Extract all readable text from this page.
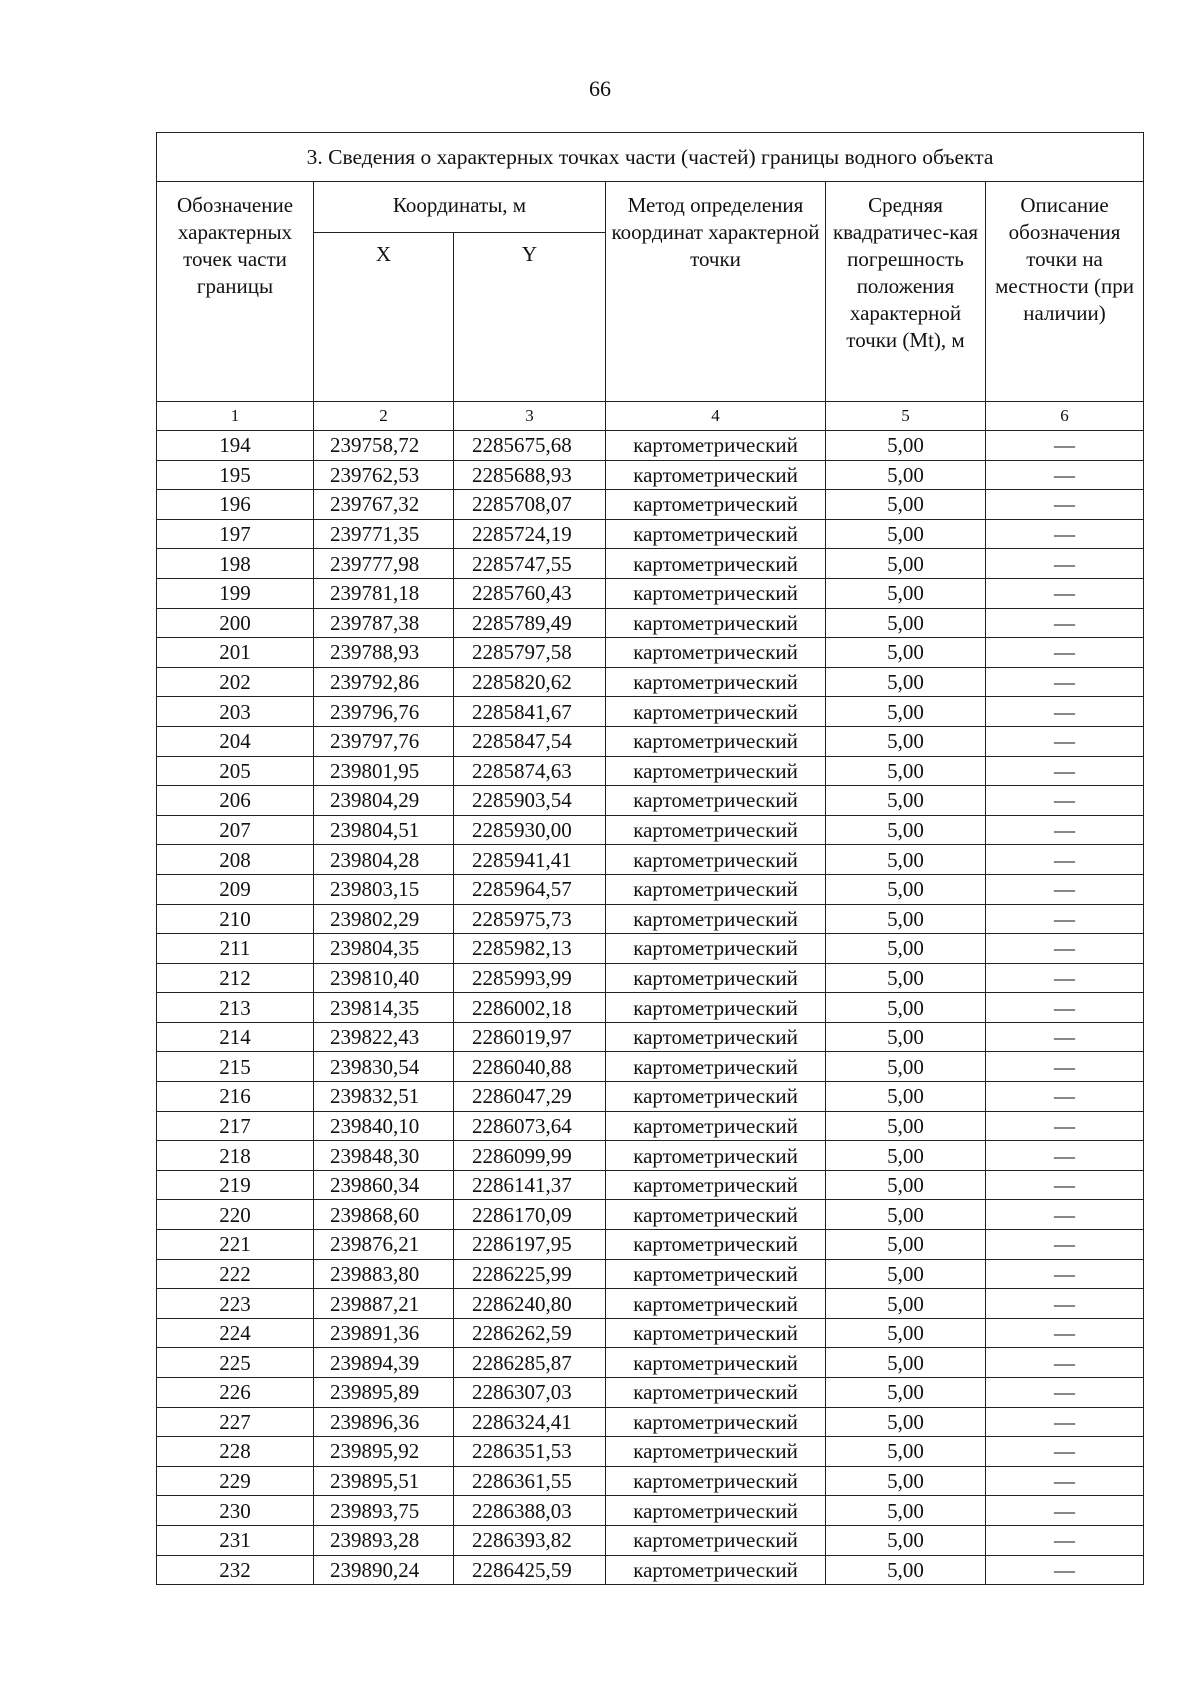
66
3. Сведения о характерных точках части (частей) границы водного объекта					
Обозначение характерных точек части границы	Координаты, м		Метод определения координат характерной точки	Средняя квадратичес-кая погрешность положения характерной точки (Mt), м	Описание обозначения точки на местности (при наличии)
	X	Y			
1	2	3	4	5	6
194	239758,72	2285675,68	картометрический	5,00	—
195	239762,53	2285688,93	картометрический	5,00	—
196	239767,32	2285708,07	картометрический	5,00	—
197	239771,35	2285724,19	картометрический	5,00	—
198	239777,98	2285747,55	картометрический	5,00	—
199	239781,18	2285760,43	картометрический	5,00	—
200	239787,38	2285789,49	картометрический	5,00	—
201	239788,93	2285797,58	картометрический	5,00	—
202	239792,86	2285820,62	картометрический	5,00	—
203	239796,76	2285841,67	картометрический	5,00	—
204	239797,76	2285847,54	картометрический	5,00	—
205	239801,95	2285874,63	картометрический	5,00	—
206	239804,29	2285903,54	картометрический	5,00	—
207	239804,51	2285930,00	картометрический	5,00	—
208	239804,28	2285941,41	картометрический	5,00	—
209	239803,15	2285964,57	картометрический	5,00	—
210	239802,29	2285975,73	картометрический	5,00	—
211	239804,35	2285982,13	картометрический	5,00	—
212	239810,40	2285993,99	картометрический	5,00	—
213	239814,35	2286002,18	картометрический	5,00	—
214	239822,43	2286019,97	картометрический	5,00	—
215	239830,54	2286040,88	картометрический	5,00	—
216	239832,51	2286047,29	картометрический	5,00	—
217	239840,10	2286073,64	картометрический	5,00	—
218	239848,30	2286099,99	картометрический	5,00	—
219	239860,34	2286141,37	картометрический	5,00	—
220	239868,60	2286170,09	картометрический	5,00	—
221	239876,21	2286197,95	картометрический	5,00	—
222	239883,80	2286225,99	картометрический	5,00	—
223	239887,21	2286240,80	картометрический	5,00	—
224	239891,36	2286262,59	картометрический	5,00	—
225	239894,39	2286285,87	картометрический	5,00	—
226	239895,89	2286307,03	картометрический	5,00	—
227	239896,36	2286324,41	картометрический	5,00	—
228	239895,92	2286351,53	картометрический	5,00	—
229	239895,51	2286361,55	картометрический	5,00	—
230	239893,75	2286388,03	картометрический	5,00	—
231	239893,28	2286393,82	картометрический	5,00	—
232	239890,24	2286425,59	картометрический	5,00	—
